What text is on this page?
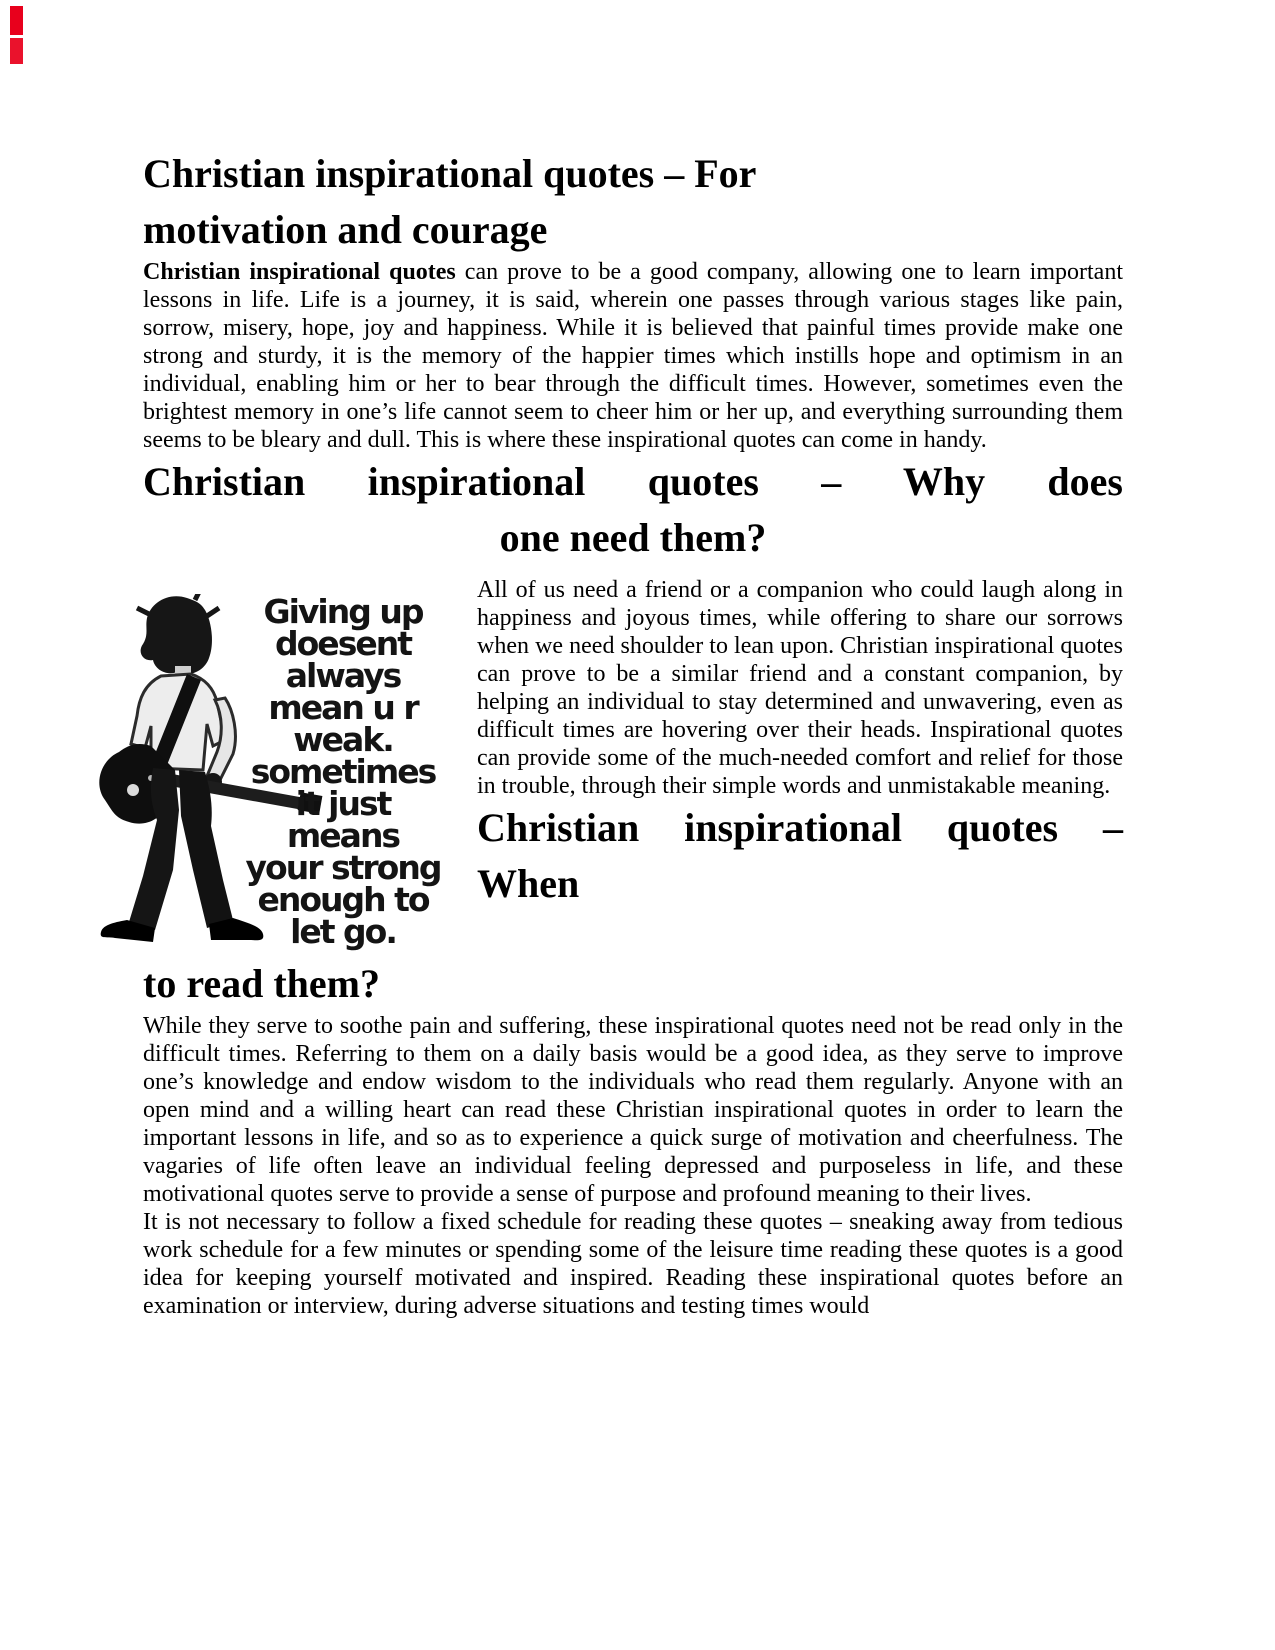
Christian inspirational quotes – For
motivation and courage

Christian inspirational quotes can prove to be a good company, allowing one to learn important lessons in life. Life is a journey, it is said, wherein one passes through various stages like pain, sorrow, misery, hope, joy and happiness. While it is believed that painful times provide make one strong and sturdy, it is the memory of the happier times which instills hope and optimism in an individual, enabling him or her to bear through the difficult times. However, sometimes even the brightest memory in one’s life cannot seem to cheer him or her up, and everything surrounding them seems to be bleary and dull. This is where these inspirational quotes can come in handy.

Christian inspirational quotes – Why does
one need them?
Giving up
doesent
always
mean u r
weak.
sometimes
it just
means
your strong
enough to
let go.

All of us need a friend or a companion who could laugh along in happiness and joyous times, while offering to share our sorrows when we need shoulder to lean upon. Christian inspirational quotes can prove to be a similar friend and a constant companion, by helping an individual to stay determined and unwavering, even as difficult times are hovering over their heads. Inspirational quotes can provide some of the much-needed comfort and relief for those in trouble, through their simple words and unmistakable meaning.

Christian inspirational quotes – When
to read them?

While they serve to soothe pain and suffering, these inspirational quotes need not be read only in the difficult times. Referring to them on a daily basis would be a good idea, as they serve to improve one’s knowledge and endow wisdom to the individuals who read them regularly. Anyone with an open mind and a willing heart can read these Christian inspirational quotes in order to learn the important lessons in life, and so as to experience a quick surge of motivation and cheerfulness. The vagaries of life often leave an individual feeling depressed and purposeless in life, and these motivational quotes serve to provide a sense of purpose and profound meaning to their lives.

It is not necessary to follow a fixed schedule for reading these quotes – sneaking away from tedious work schedule for a few minutes or spending some of the leisure time reading these quotes is a good idea for keeping yourself motivated and inspired. Reading these inspirational quotes before an examination or interview, during adverse situations and testing times would
